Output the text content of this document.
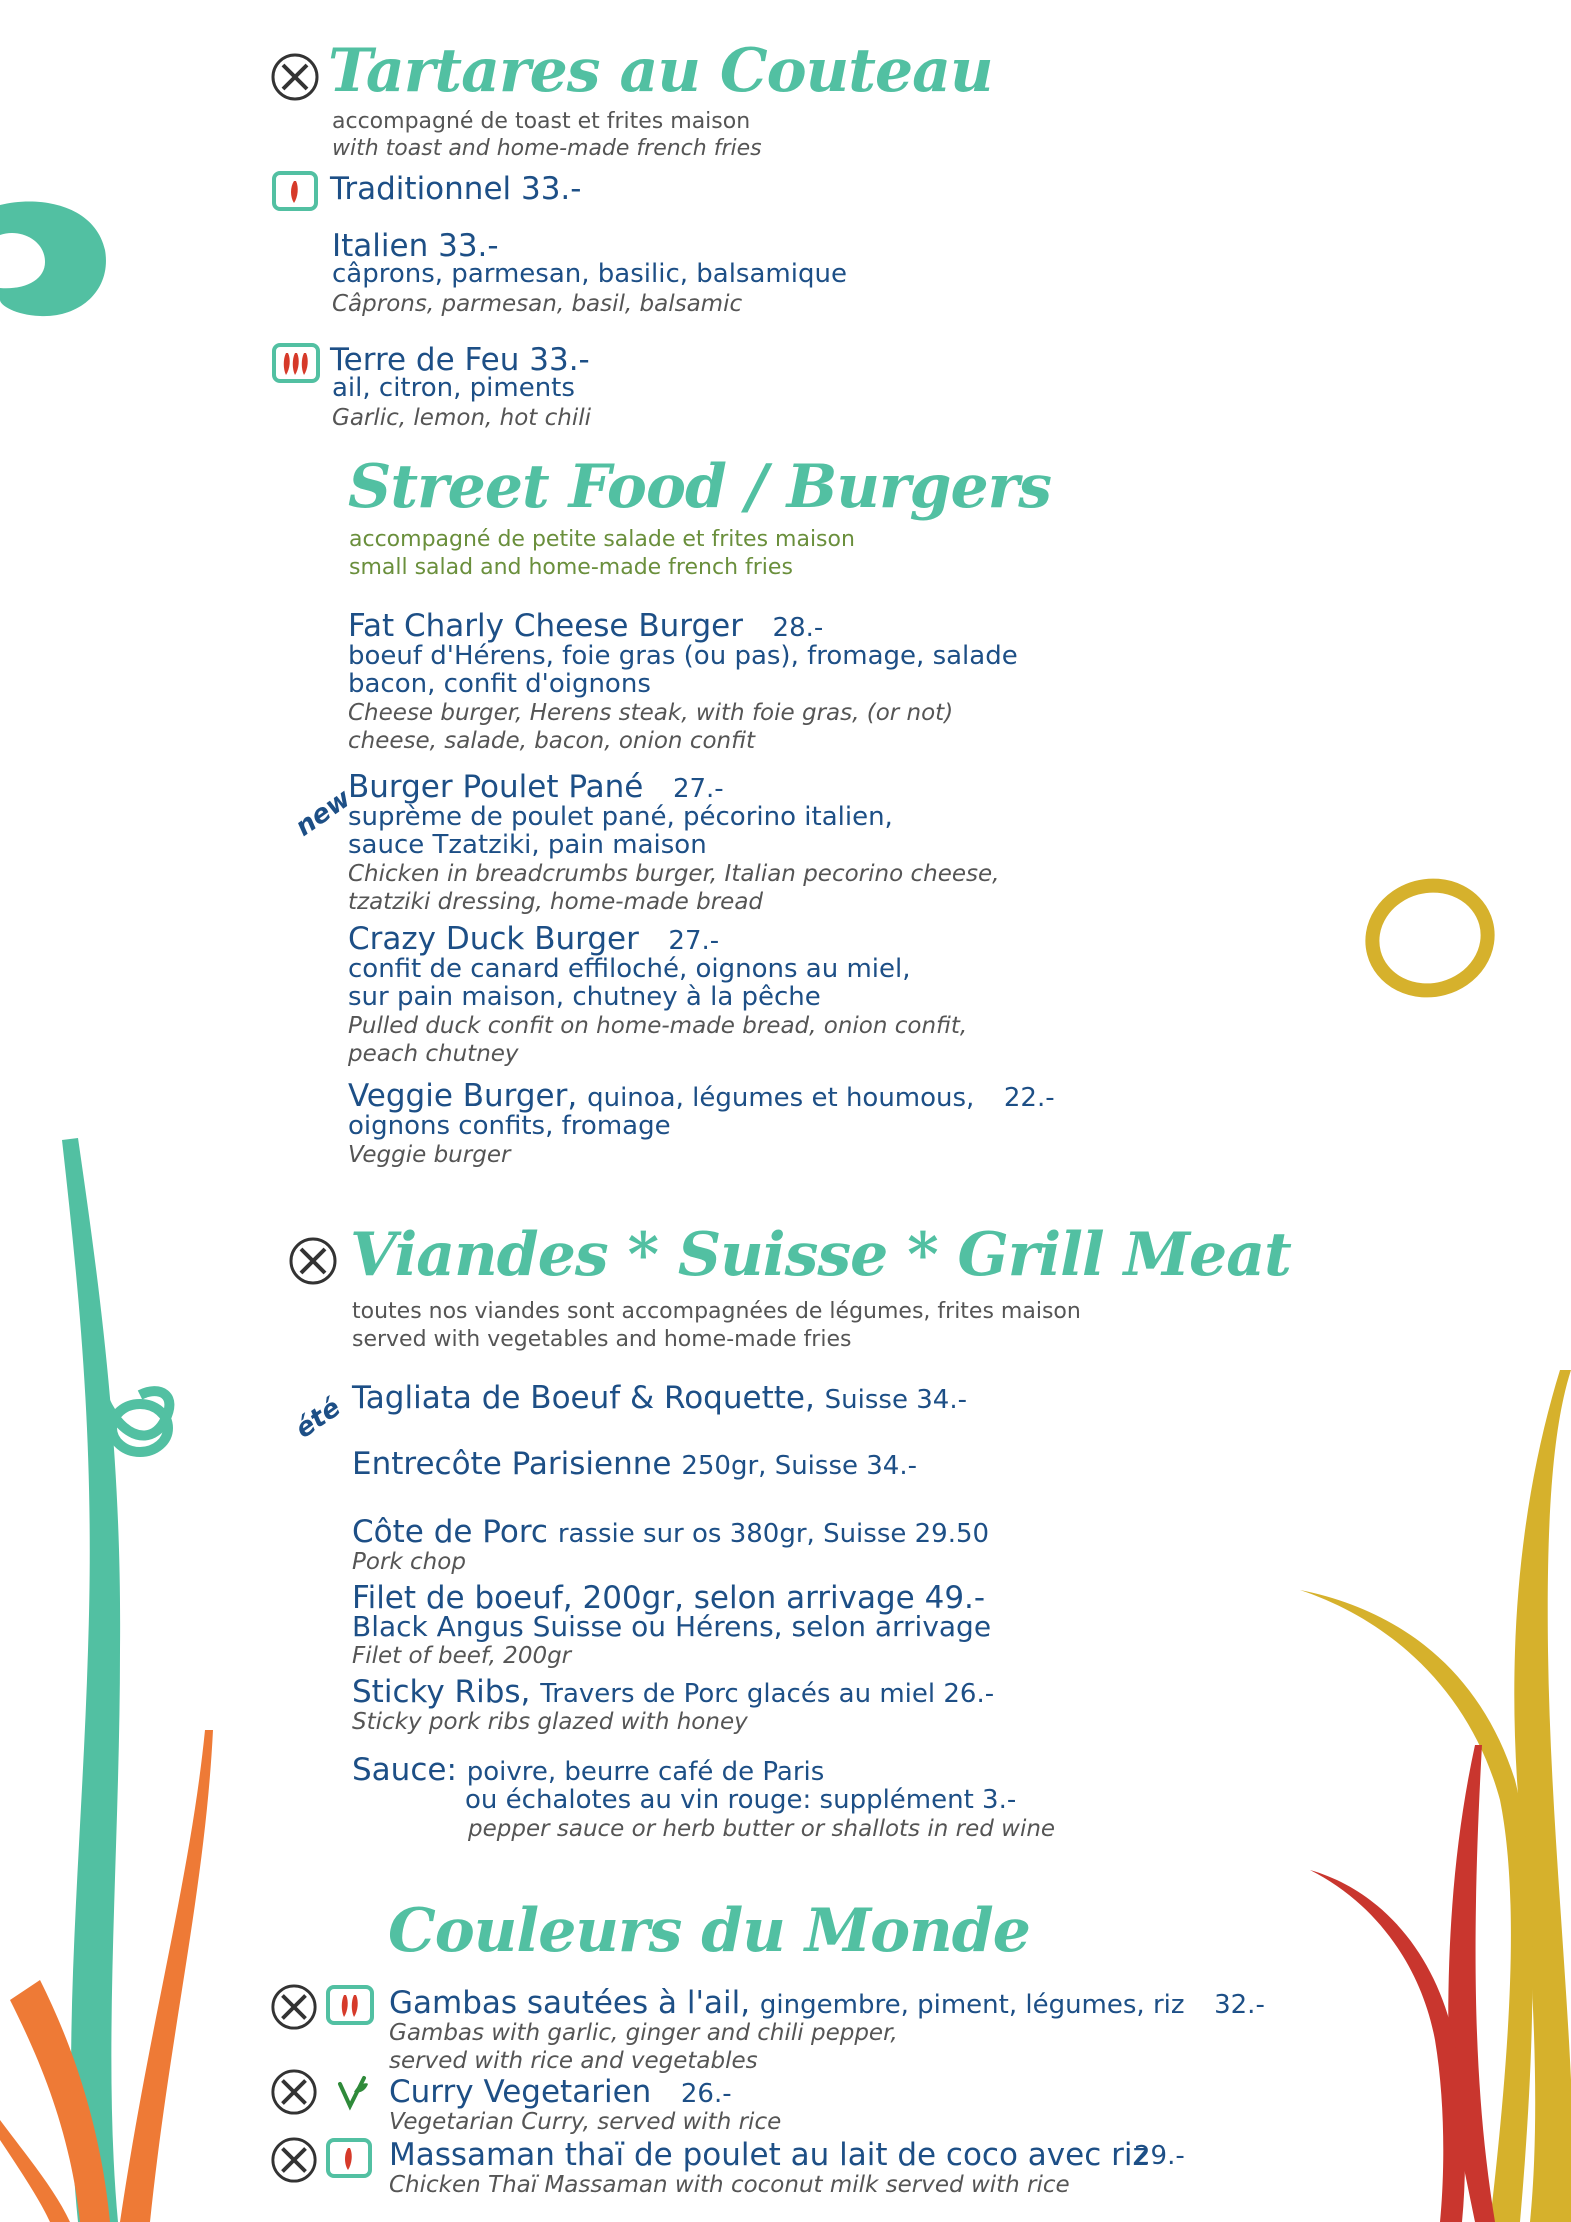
Tartares au Couteau
accompagné de toast et frites maison
with toast and home-made french fries
Traditionnel 33.-
Italien 33.-
câprons, parmesan, basilic, balsamique
Câprons, parmesan, basil, balsamic
Terre de Feu 33.-
ail, citron, piments
Garlic, lemon, hot chili
Street Food / Burgers
accompagné de petite salade et frites maison
small salad and home-made french fries
Fat Charly Cheese Burger 28.-
boeuf d'Hérens, foie gras (ou pas), fromage, salade
bacon, confit d'oignons
Cheese burger, Herens steak, with foie gras, (or not)
cheese, salade, bacon, onion confit
new
Burger Poulet Pané 27.-
suprème de poulet pané, pécorino italien,
sauce Tzatziki, pain maison
Chicken in breadcrumbs burger, Italian pecorino cheese,
tzatziki dressing, home-made bread
Crazy Duck Burger 27.-
confit de canard effiloché, oignons au miel,
sur pain maison, chutney à la pêche
Pulled duck confit on home-made bread, onion confit,
peach chutney
Veggie Burger, quinoa, légumes et houmous, 22.-
oignons confits, fromage
Veggie burger
Viandes * Suisse * Grill Meat
toutes nos viandes sont accompagnées de légumes, frites maison
served with vegetables and home-made fries
été Tagliata de Boeuf & Roquette, Suisse 34.-
Entrecôte Parisienne 250gr, Suisse 34.-
Côte de Porc rassie sur os 380gr, Suisse 29.50
Pork chop
Filet de boeuf, 200gr, selon arrivage 49.-
Black Angus Suisse ou Hérens, selon arrivage
Filet of beef, 200gr
Sticky Ribs, Travers de Porc glacés au miel 26.-
Sticky pork ribs glazed with honey
Sauce: poivre, beurre café de Paris
ou échalotes au vin rouge: supplément 3.-
pepper sauce or herb butter or shallots in red wine
Couleurs du Monde
Gambas sautées à l'ail, gingembre, piment, légumes, riz 32.-
Gambas with garlic, ginger and chili pepper,
served with rice and vegetables
Curry Vegetarien 26.-
Vegetarian Curry, served with rice
Massaman thaï de poulet au lait de coco avec riz
29.-
Chicken Thaï Massaman with coconut milk served with rice
